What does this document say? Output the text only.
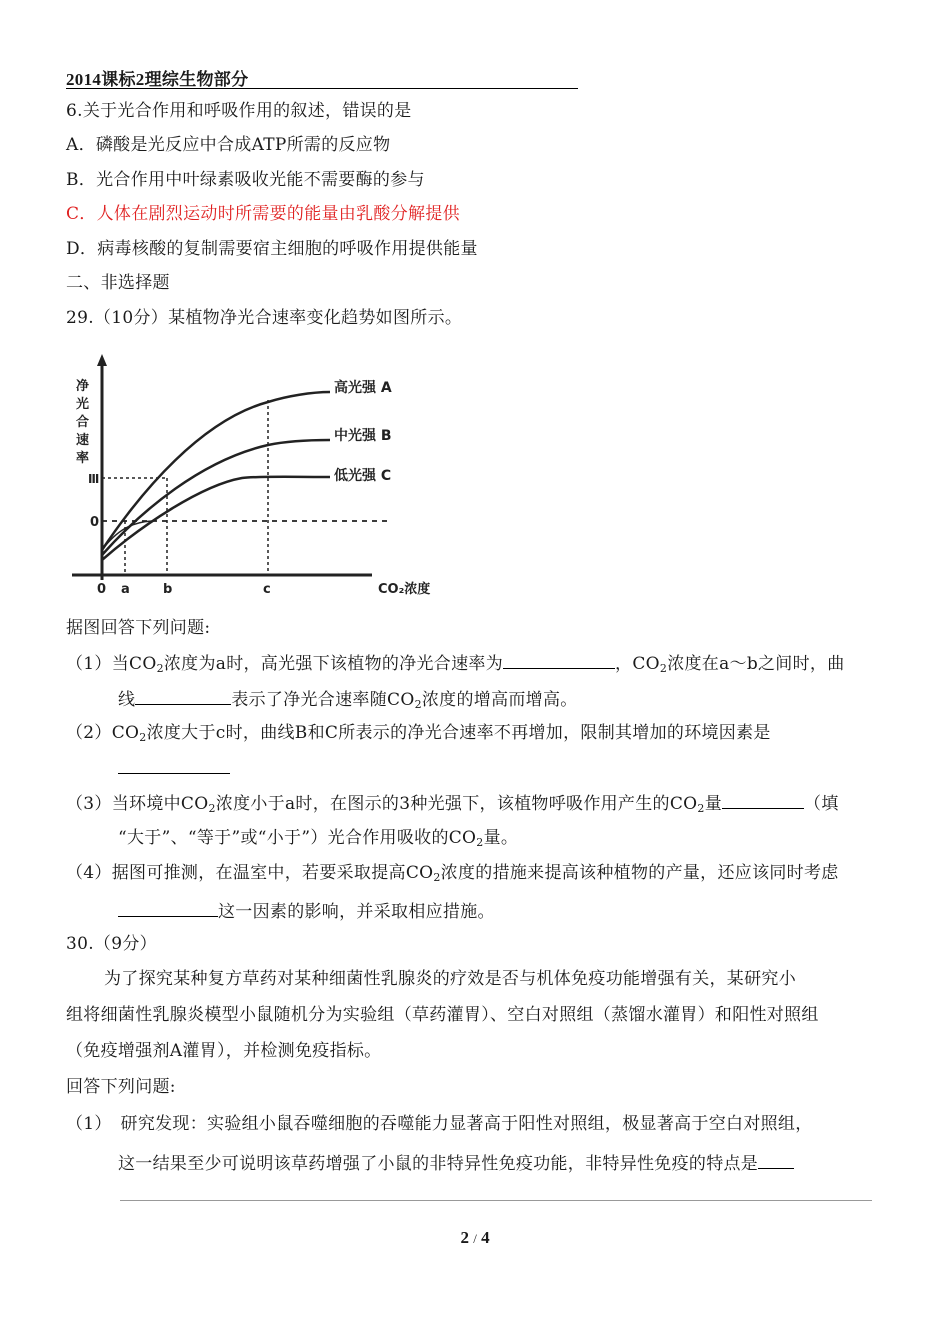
2014课标2理综生物部分
6.关于光合作用和呼吸作用的叙述，错误的是
A．磷酸是光反应中合成ATP所需的反应物
B．光合作用中叶绿素吸收光能不需要酶的参与
C．人体在剧烈运动时所需要的能量由乳酸分解提供
D．病毒核酸的复制需要宿主细胞的呼吸作用提供能量
二、非选择题
29.（10分）某植物净光合速率变化趋势如图所示。
净
光
合
速
率
0
Ⅲ
高光强 A
中光强 B
低光强 C
0 a	b	c	CO₂浓度
据图回答下列问题:
（1）当$CO_2$浓度为a时，高光强下该植物的净光合速率为	，$CO_2$浓度在a～b之间时，曲
线	表示了净光合速率随$CO_2$浓度的增高而增高。
$(2)CO_2$浓度大于c时，曲线B和C所表示的净光合速率不再增加，限制其增加的环境因素是
（3）当环境中$CO_2$浓度小于a时，在图示的3种光强下，该植物呼吸作用产生的$CO_2$量	（填
“大于”、“等于”或“小于”）光合作用吸收的$CO_2$量。
（4）据图可推测，在温室中，若要采取提高$CO_2$浓度的措施来提高该种植物的产量，还应该同时考虑
这一因素的影响，并采取相应措施。
30.（9分）
为了探究某种复方草药对某种细菌性乳腺炎的疗效是否与机体免疫功能增强有关，某研究小
组将细菌性乳腺炎模型小鼠随机分为实验组（草药灌胃）、空白对照组（蒸馏水灌胃）和阳性对照组
（免疫增强剂A灌胃），并检测免疫指标。
回答下列问题:
（1）　研究发现：实验组小鼠吞噬细胞的吞噬能力显著高于阳性对照组，极显著高于空白对照组，
这一结果至少可说明该草药增强了小鼠的非特异性免疫功能，非特异性免疫的特点是
2 / 4
